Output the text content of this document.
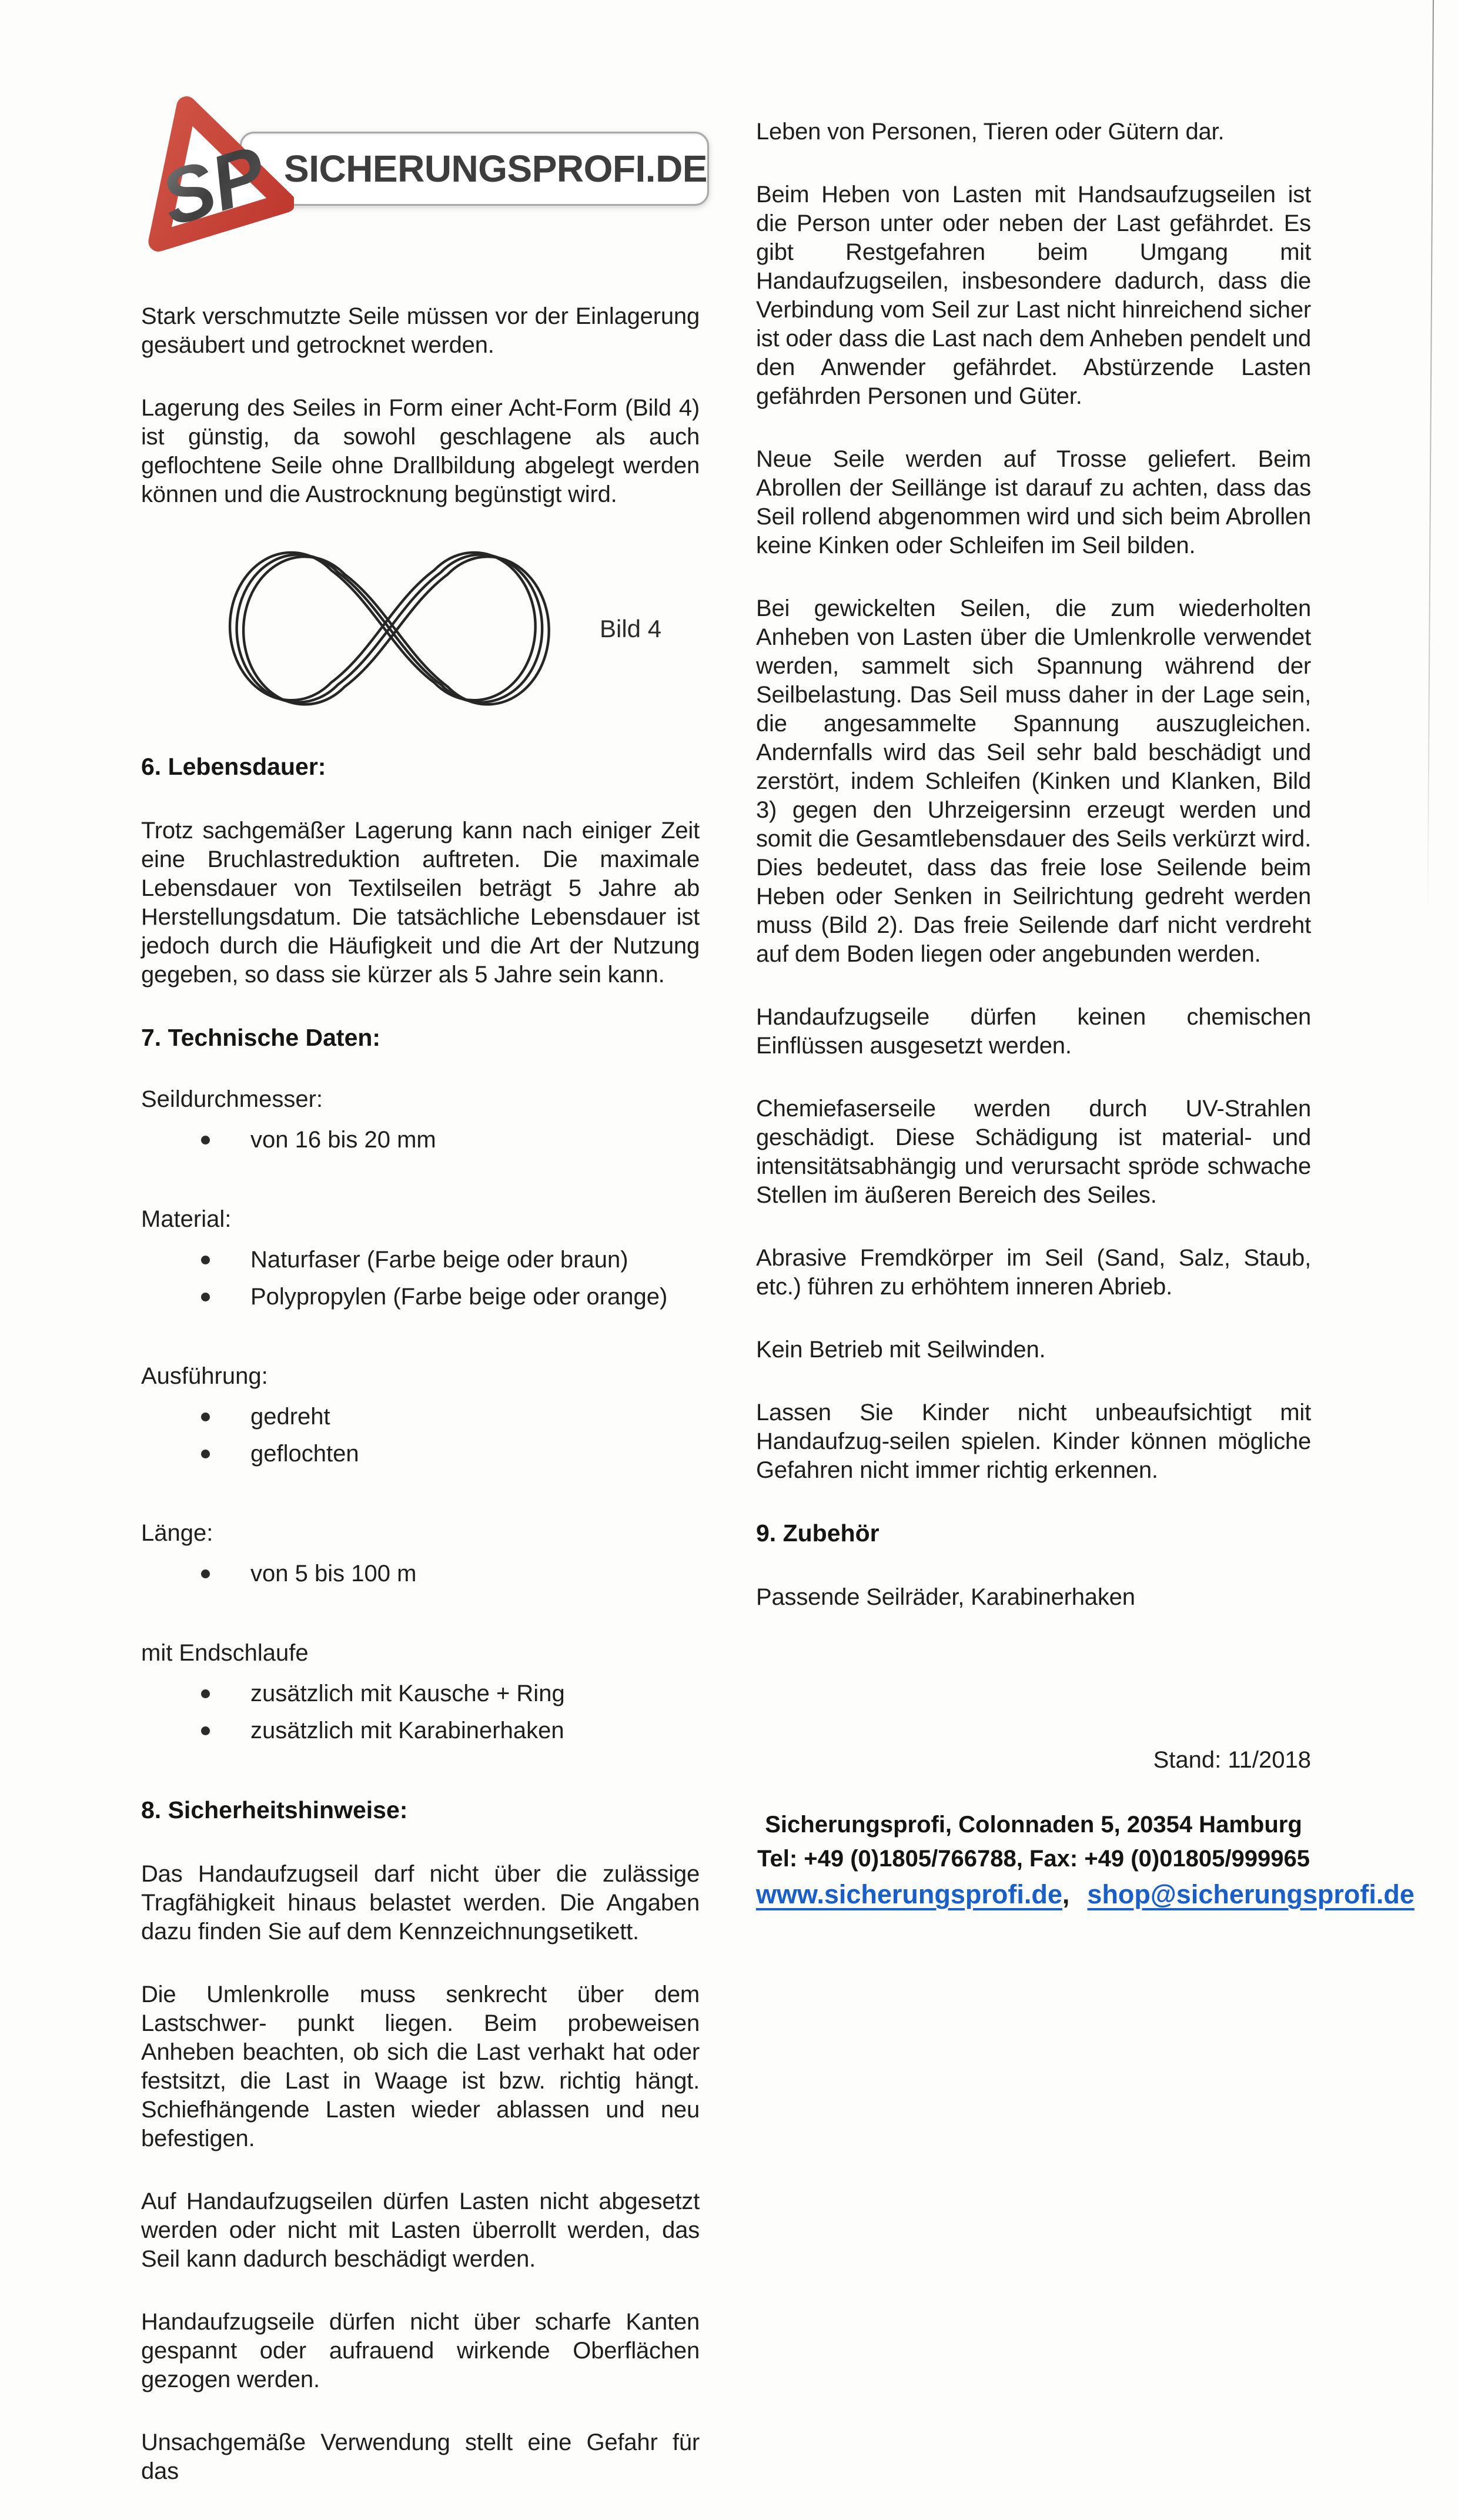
SP SICHERUNGSPROFI.DE

Stark verschmutzte Seile müssen vor der Einlagerung gesäubert und getrocknet werden.

Lagerung des Seiles in Form einer Acht-Form (Bild 4) ist günstig, da sowohl geschlagene als auch geflochtene Seile ohne Drallbildung abgelegt werden können und die Austrocknung begünstigt wird.

Bild 4
6. Lebensdauer:

Trotz sachgemäßer Lagerung kann nach einiger Zeit eine Bruchlastreduktion auftreten. Die maximale Lebensdauer von Textilseilen beträgt 5 Jahre ab Herstellungsdatum. Die tatsächliche Lebensdauer ist jedoch durch die Häufigkeit und die Art der Nutzung gegeben, so dass sie kürzer als 5 Jahre sein kann.

7. Technische Daten:
Seildurchmesser:
von 16 bis 20 mm
Material:
Naturfaser (Farbe beige oder braun)
Polypropylen (Farbe beige oder orange)
Ausführung:
gedreht
geflochten
Länge:
von 5 bis 100 m
mit Endschlaufe
zusätzlich mit Kausche + Ring
zusätzlich mit Karabinerhaken
8. Sicherheitshinweise:

Das Handaufzugseil darf nicht über die zulässige Tragfähigkeit hinaus belastet werden. Die Angaben dazu finden Sie auf dem Kennzeichnungsetikett.

Die Umlenkrolle muss senkrecht über dem Lastschwer- punkt liegen. Beim probeweisen Anheben beachten, ob sich die Last verhakt hat oder festsitzt, die Last in Waage ist bzw. richtig hängt. Schiefhängende Lasten wieder ablassen und neu befestigen.

Auf Handaufzugseilen dürfen Lasten nicht abgesetzt werden oder nicht mit Lasten überrollt werden, das Seil kann dadurch beschädigt werden.

Handaufzugseile dürfen nicht über scharfe Kanten gespannt oder aufrauend wirkende Oberflächen gezogen werden.

Unsachgemäße Verwendung stellt eine Gefahr für das

Leben von Personen, Tieren oder Gütern dar.

Beim Heben von Lasten mit Handsaufzugseilen ist die Person unter oder neben der Last gefährdet. Es gibt Restgefahren beim Umgang mit Handaufzugseilen, insbesondere dadurch, dass die Verbindung vom Seil zur Last nicht hinreichend sicher ist oder dass die Last nach dem Anheben pendelt und den Anwender gefährdet. Abstürzende Lasten gefährden Personen und Güter.

Neue Seile werden auf Trosse geliefert. Beim Abrollen der Seillänge ist darauf zu achten, dass das Seil rollend abgenommen wird und sich beim Abrollen keine Kinken oder Schleifen im Seil bilden.

Bei gewickelten Seilen, die zum wiederholten Anheben von Lasten über die Umlenkrolle verwendet werden, sammelt sich Spannung während der Seilbelastung. Das Seil muss daher in der Lage sein, die angesammelte Spannung auszugleichen. Andernfalls wird das Seil sehr bald beschädigt und zerstört, indem Schleifen (Kinken und Klanken, Bild 3) gegen den Uhrzeigersinn erzeugt werden und somit die Gesamtlebensdauer des Seils verkürzt wird. Dies bedeutet, dass das freie lose Seilende beim Heben oder Senken in Seilrichtung gedreht werden muss (Bild 2). Das freie Seilende darf nicht verdreht auf dem Boden liegen oder angebunden werden.

Handaufzugseile dürfen keinen chemischen Einflüssen ausgesetzt werden.

Chemiefaserseile werden durch UV-Strahlen geschädigt. Diese Schädigung ist material- und intensitätsabhängig und verursacht spröde schwache Stellen im äußeren Bereich des Seiles.

Abrasive Fremdkörper im Seil (Sand, Salz, Staub, etc.) führen zu erhöhtem inneren Abrieb.

Kein Betrieb mit Seilwinden.

Lassen Sie Kinder nicht unbeaufsichtigt mit Handaufzug-seilen spielen. Kinder können mögliche Gefahren nicht immer richtig erkennen.

9. Zubehör

Passende Seilräder, Karabinerhaken

Stand: 11/2018
Sicherungsprofi, Colonnaden 5, 20354 Hamburg
Tel: +49 (0)1805/766788, Fax: +49 (0)01805/999965
www.sicherungsprofi.de, shop@sicherungsprofi.de
